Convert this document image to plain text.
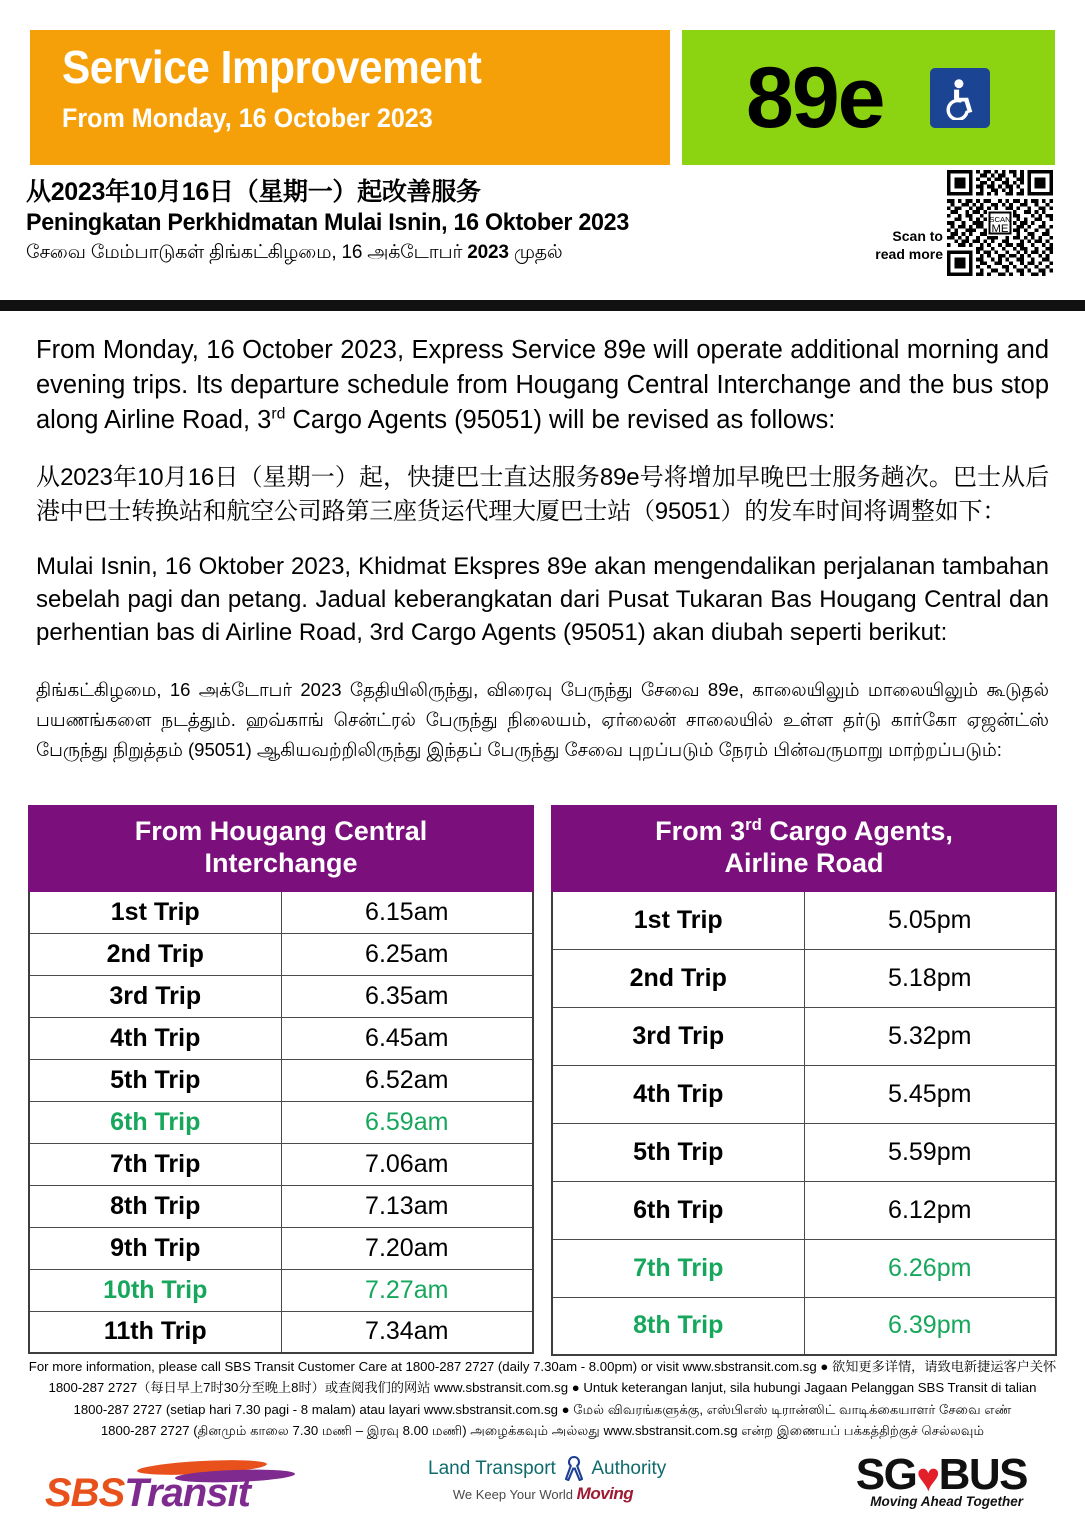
Service Improvement
From Monday, 16 October 2023	89e
从2023年10月16日（星期一）起改善服务
Peningkatan Perkhidmatan Mulai Isnin, 16 Oktober 2023
சேவை மேம்பாடுகள் திங்கட்கிழமை, 16 அக்டோபர் 2023 முதல்
Scan to
read more
SCAN
ME

From Monday, 16 October 2023, Express Service 89e will operate additional morning and evening trips. Its departure schedule from Hougang Central Interchange and the bus stop along Airline Road, 3rd Cargo Agents (95051) will be revised as follows:

从2023年10月16日（星期一）起，快捷巴士直达服务89e号将增加早晚巴士服务趟次。巴士从后港中巴士转换站和航空公司路第三座货运代理大厦巴士站（95051）的发车时间将调整如下：

Mulai Isnin, 16 Oktober 2023, Khidmat Ekspres 89e akan mengendalikan perjalanan tambahan sebelah pagi dan petang. Jadual keberangkatan dari Pusat Tukaran Bas Hougang Central dan perhentian bas di Airline Road, 3rd Cargo Agents (95051) akan diubah seperti berikut:

திங்கட்கிழமை, 16 அக்டோபர் 2023 தேதியிலிருந்து, விரைவு பேருந்து சேவை 89e, காலையிலும் மாலையிலும் கூடுதல் பயணங்களை நடத்தும். ஹவ்காங் சென்ட்ரல் பேருந்து நிலையம், ஏர்லைன் சாலையில் உள்ள தர்டு கார்கோ ஏஜன்ட்ஸ் பேருந்து நிறுத்தம் (95051) ஆகியவற்றிலிருந்து இந்தப் பேருந்து சேவை புறப்படும் நேரம் பின்வருமாறு மாற்றப்படும்:

From Hougang Central
Interchange	
1st Trip	6.15am
2nd Trip	6.25am
3rd Trip	6.35am
4th Trip	6.45am
5th Trip	6.52am
6th Trip	6.59am
7th Trip	7.06am
8th Trip	7.13am
9th Trip	7.20am
10th Trip	7.27am
11th Trip	7.34am
From 3rd Cargo Agents,
Airline Road	
1st Trip	5.05pm
2nd Trip	5.18pm
3rd Trip	5.32pm
4th Trip	5.45pm
5th Trip	5.59pm
6th Trip	6.12pm
7th Trip	6.26pm
8th Trip	6.39pm
For more information, please call SBS Transit Customer Care at 1800-287 2727 (daily 7.30am - 8.00pm) or visit www.sbstransit.com.sg ● 欲知更多详情，请致电新捷运客户关怀
1800-287 2727（每日早上7时30分至晚上8时）或查阅我们的网站 www.sbstransit.com.sg ● Untuk keterangan lanjut, sila hubungi Jagaan Pelanggan SBS Transit di talian
1800-287 2727 (setiap hari 7.30 pagi - 8 malam) atau layari www.sbstransit.com.sg ● மேல் விவரங்களுக்கு, எஸ்பிஎஸ் டிரான்ஸிட் வாடிக்கையாளர் சேவை எண்
1800-287 2727 (தினமும் காலை 7.30 மணி – இரவு 8.00 மணி) அழைக்கவும் அல்லது www.sbstransit.com.sg என்ற இணையப் பக்கத்திற்குச் செல்லவும்
SBSTransit
Land Transport Authority
We Keep Your World Moving	SG♥BUS
Moving Ahead Together
